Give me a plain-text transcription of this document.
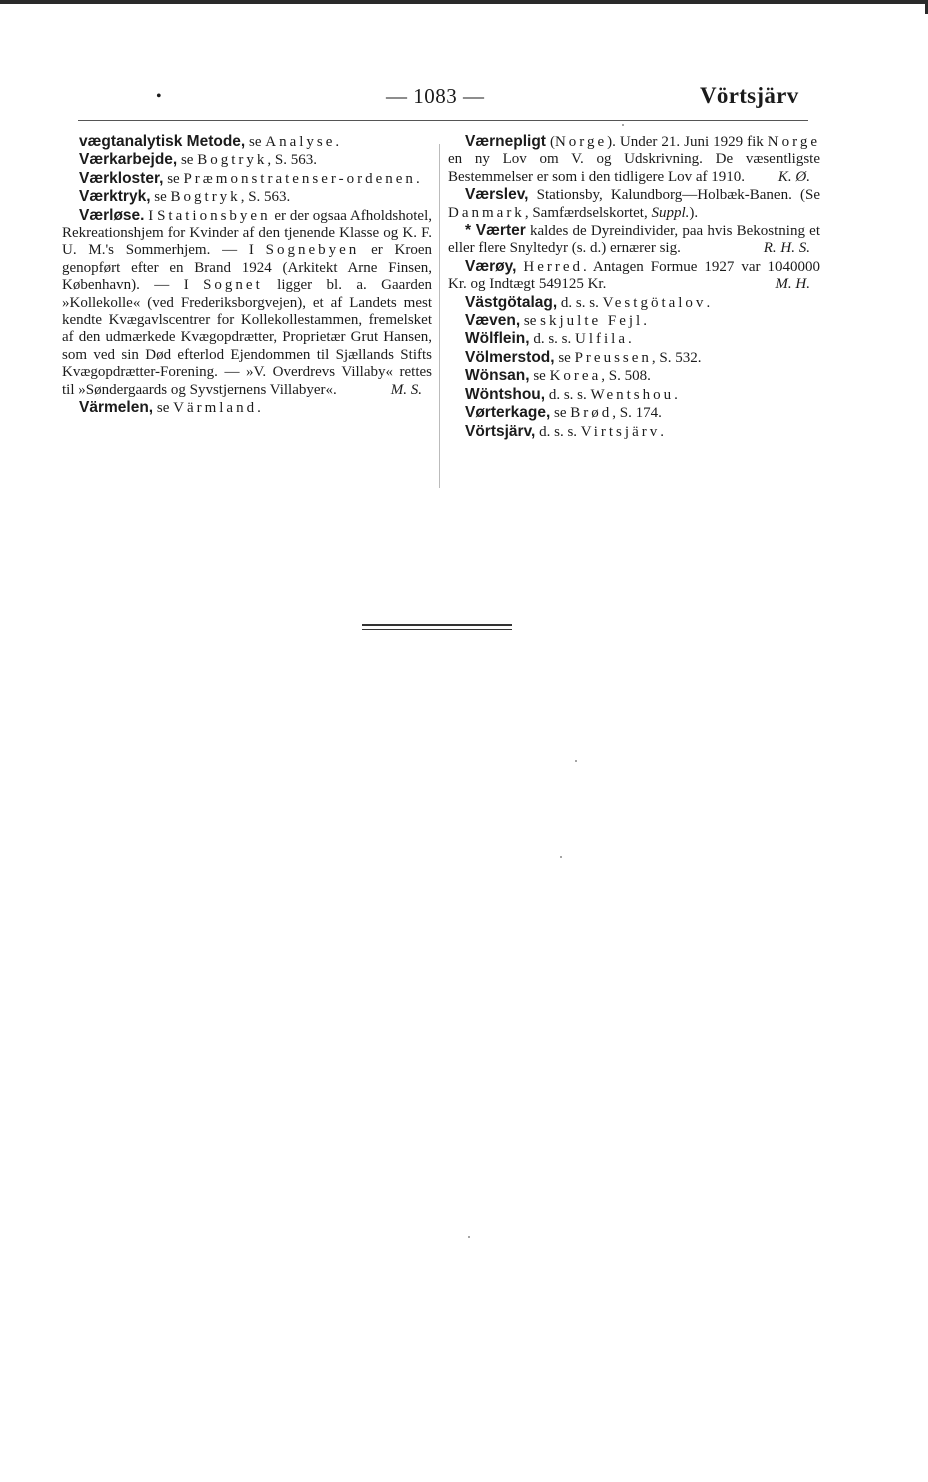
•	— 1083 —	Vörtsjärv

vægtanalytisk Metode, se Analyse.

Værkarbejde, se Bogtryk, S. 563.

Værkloster, se Præmonstratenser-ordenen.

Værktryk, se Bogtryk, S. 563.

Værløse. I Stationsbyen er der ogsaa Afholdshotel, Rekreationshjem for Kvinder af den tjenende Klasse og K. F. U. M.'s Sommerhjem. — I Sognebyen er Kroen genopført efter en Brand 1924 (Arkitekt Arne Finsen, København). — I Sognet ligger bl. a. Gaarden »Kollekolle« (ved Frederiksborgvejen), et af Landets mest kendte Kvægavlscentrer for Kollekollestammen, fremelsket af den udmærkede Kvægopdrætter, Proprietær Grut Hansen, som ved sin Død efterlod Ejendommen til Sjællands Stifts Kvægopdrætter-Forening. — »V. Overdrevs Villaby« rettes til »Søndergaards og Syvstjernens Villabyer«.	M. S.

Värmelen, se Värmland.

Værnepligt (Norge). Under 21. Juni 1929 fik Norge en ny Lov om V. og Udskrivning. De væsentligste Bestemmelser er som i den tidligere Lov af 1910.	K. Ø.

Værslev, Stationsby, Kalundborg—Holbæk-Banen. (Se Danmark, Samfærdselskortet, Suppl.).

* Værter kaldes de Dyreindivider, paa hvis Bekostning et eller flere Snyltedyr (s. d.) ernærer sig.	R. H. S.

Værøy, Herred. Antagen Formue 1927 var 1040000 Kr. og Indtægt 549125 Kr.	M. H.

Västgötalag, d. s. s. Vestgötalov.

Væven, se skjulte Fejl.

Wölflein, d. s. s. Ulfila.

Völmerstod, se Preussen, S. 532.

Wönsan, se Korea, S. 508.

Wöntshou, d. s. s. Wentshou.

Vørterkage, se Brød, S. 174.

Vörtsjärv, d. s. s. Virtsjärv.
